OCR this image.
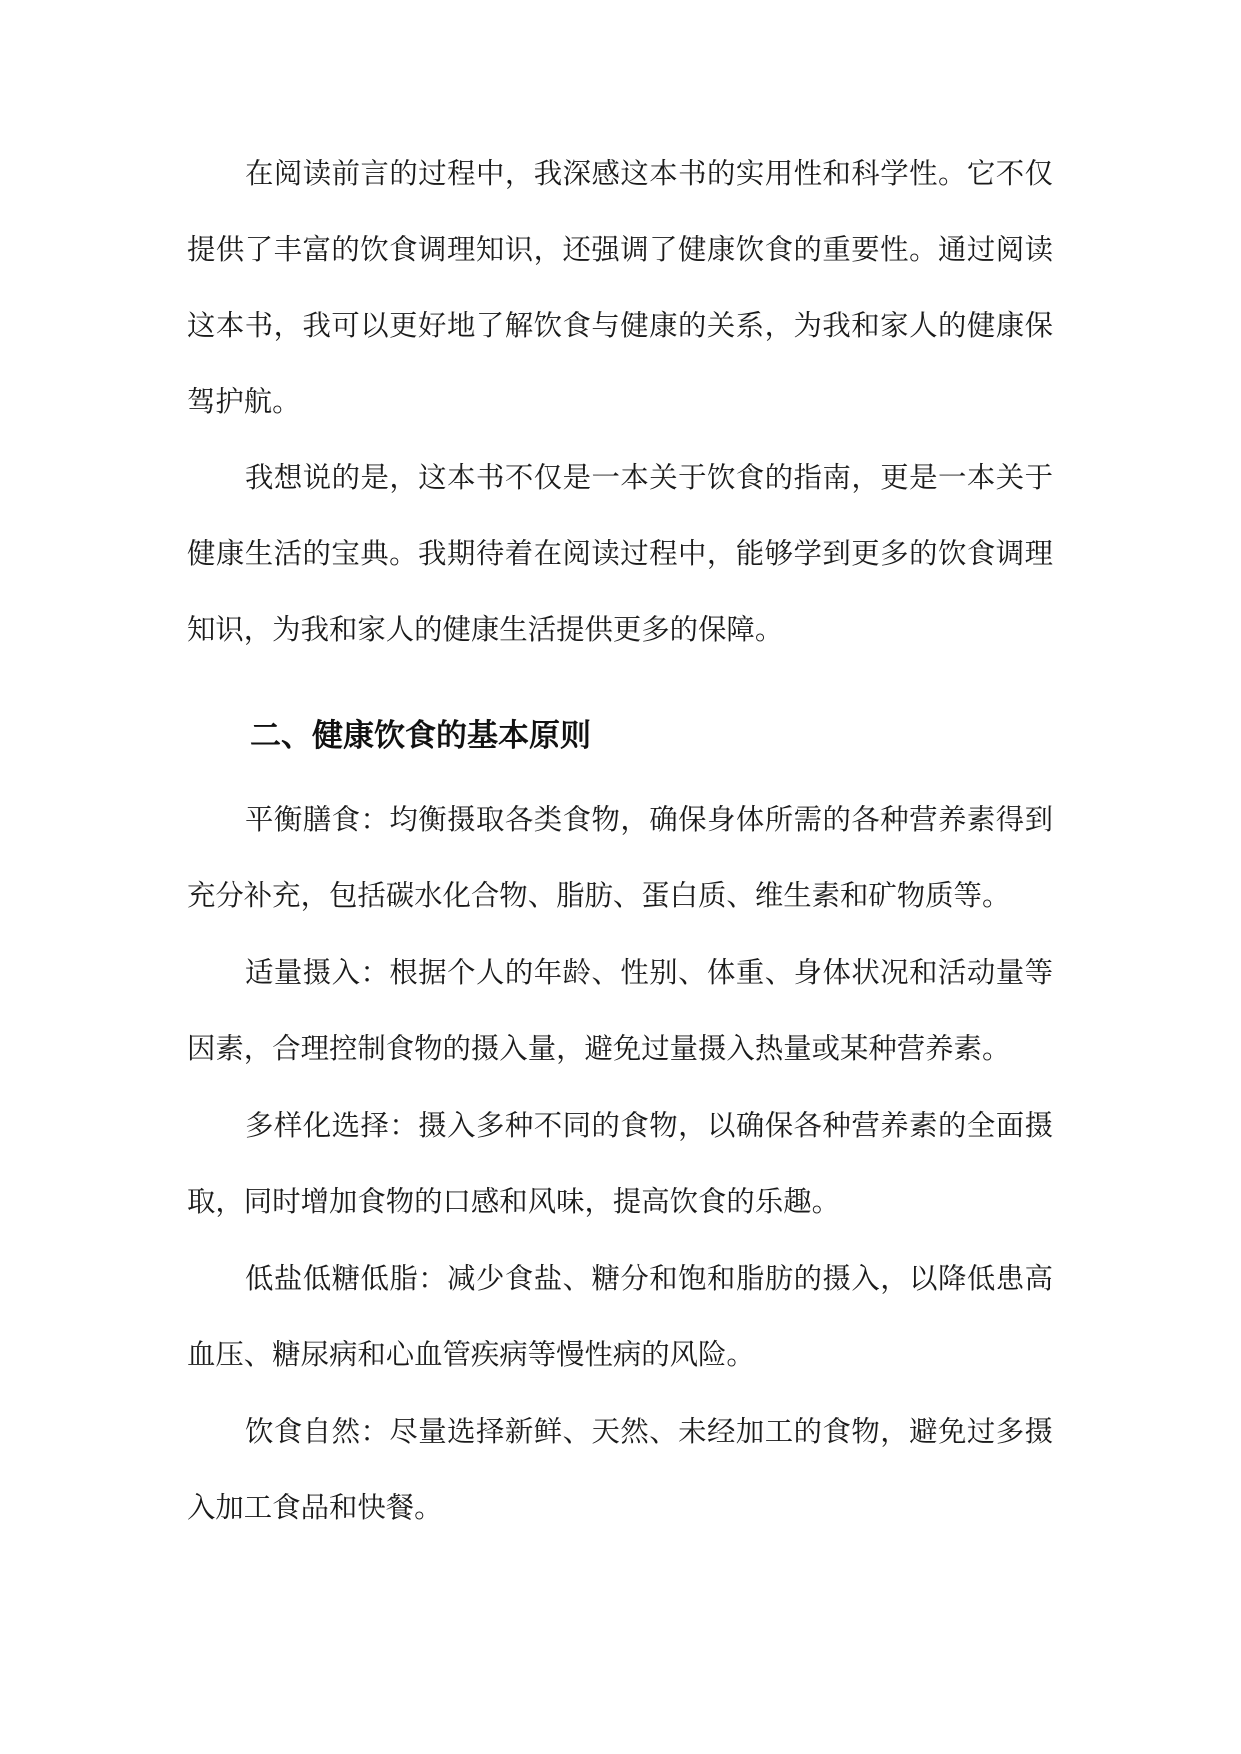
在阅读前言的过程中，我深感这本书的实用性和科学性。它不仅提供了丰富的饮食调理知识，还强调了健康饮食的重要性。通过阅读这本书，我可以更好地了解饮食与健康的关系，为我和家人的健康保驾护航。

我想说的是，这本书不仅是一本关于饮食的指南，更是一本关于健康生活的宝典。我期待着在阅读过程中，能够学到更多的饮食调理知识，为我和家人的健康生活提供更多的保障。

二、健康饮食的基本原则

平衡膳食：均衡摄取各类食物，确保身体所需的各种营养素得到充分补充，包括碳水化合物、脂肪、蛋白质、维生素和矿物质等。

适量摄入：根据个人的年龄、性别、体重、身体状况和活动量等因素，合理控制食物的摄入量，避免过量摄入热量或某种营养素。

多样化选择：摄入多种不同的食物，以确保各种营养素的全面摄取，同时增加食物的口感和风味，提高饮食的乐趣。

低盐低糖低脂：减少食盐、糖分和饱和脂肪的摄入，以降低患高血压、糖尿病和心血管疾病等慢性病的风险。

饮食自然：尽量选择新鲜、天然、未经加工的食物，避免过多摄入加工食品和快餐。
